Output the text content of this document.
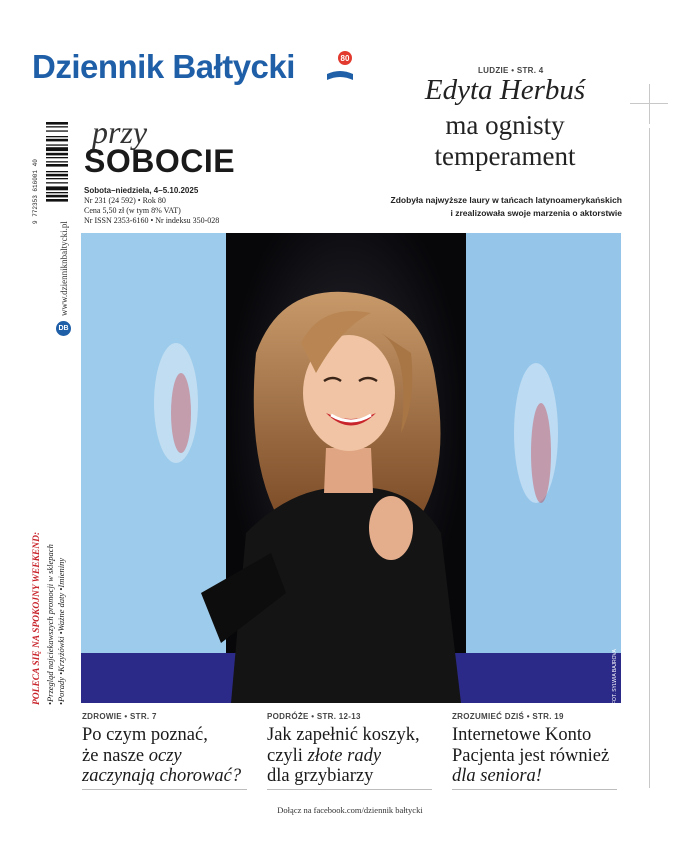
Dziennik Bałtycki	80
LUDZIE • STR. 4
Edyta Herbuś
ma ognisty
temperament
Zdobyła najwyższe laury w tańcach latynoamerykańskich
i zrealizowała swoje marzenia o aktorstwie
9 772353 616001 40
przy
SOBOCIE
Sobota–niedziela, 4–5.10.2025
Nr 231 (24 592) • Rok 80
Cena 5,50 zł (w tym 8% VAT)
Nr ISSN 2353-6160 • Nr indeksu 350-028
www.dzienniknbaltycki.pl
DB
POLECA SIĘ NA SPOKOJNY WEEKEND: •Przegląd najciekawszych promocji w sklepach •Porady •Krzyżówki •Ważne daty •Imieniny	FOT. SYLWIA BAJROVA
ZDROWIE • STR. 7
Po czym poznać,
że nasze oczy
zaczynają chorować?
PODRÓŻE • STR. 12-13
Jak zapełnić koszyk,
czyli złote rady
dla grzybiarzy
ZROZUMIEĆ DZIŚ • STR. 19
Internetowe Konto
Pacjenta jest również
dla seniora!
Dołącz na facebook.com/dziennik bałtycki
